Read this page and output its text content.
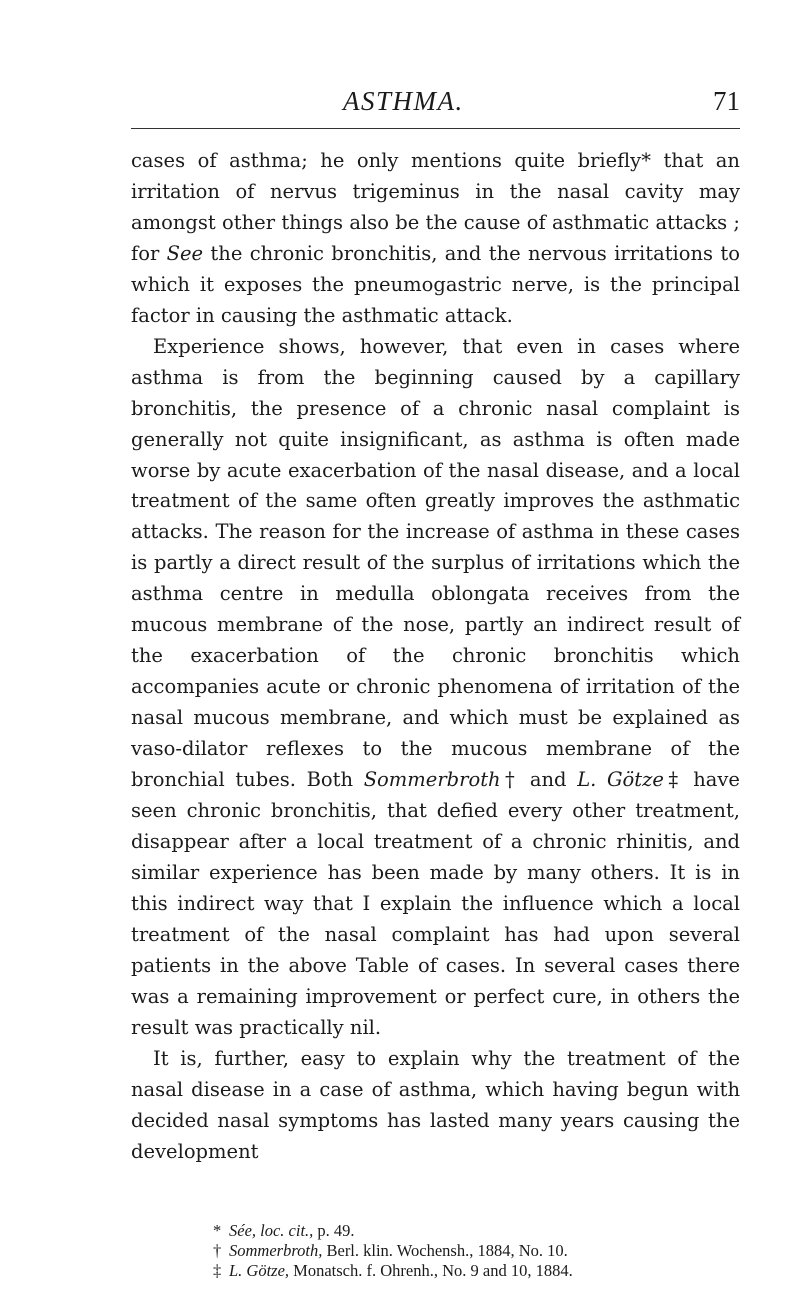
ASTHMA.	71

cases of asthma; he only mentions quite briefly* that an irritation of nervus trigeminus in the nasal cavity may amongst other things also be the cause of asthmatic attacks ; for See the chronic bronchitis, and the nervous irritations to which it exposes the pneumogastric nerve, is the principal factor in causing the asthmatic attack.

Experience shows, however, that even in cases where asthma is from the beginning caused by a capillary bronchitis, the presence of a chronic nasal complaint is generally not quite insignificant, as asthma is often made worse by acute exacerbation of the nasal disease, and a local treatment of the same often greatly improves the asthmatic attacks. The reason for the increase of asthma in these cases is partly a direct result of the surplus of irritations which the asthma centre in medulla oblongata receives from the mucous membrane of the nose, partly an indirect result of the exacerbation of the chronic bronchitis which accompanies acute or chronic phenomena of irritation of the nasal mucous membrane, and which must be explained as vaso-dilator reflexes to the mucous membrane of the bronchial tubes. Both Sommerbroth† and L. Götze‡ have seen chronic bronchitis, that defied every other treatment, disappear after a local treatment of a chronic rhinitis, and similar experience has been made by many others. It is in this indirect way that I explain the influence which a local treatment of the nasal complaint has had upon several patients in the above Table of cases. In several cases there was a remaining improvement or perfect cure, in others the result was practically nil.

It is, further, easy to explain why the treatment of the nasal disease in a case of asthma, which having begun with decided nasal symptoms has lasted many years causing the development

* Sée, loc. cit., p. 49.
† Sommerbroth, Berl. klin. Wochensh., 1884, No. 10.
‡ L. Götze, Monatsch. f. Ohrenh., No. 9 and 10, 1884.
